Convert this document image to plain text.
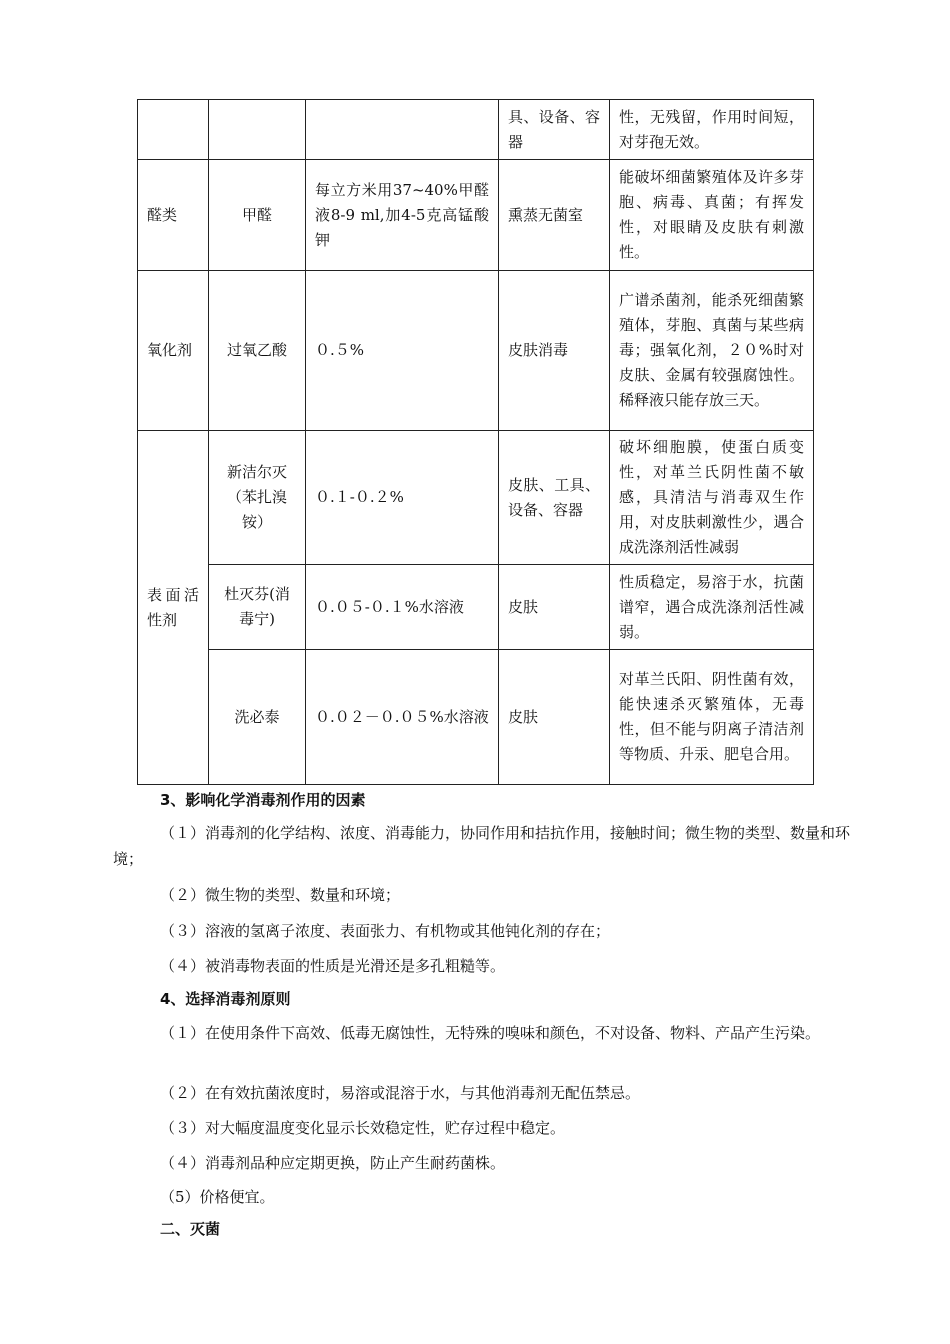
			具、设备、容器	性，无残留，作用时间短，对芽孢无效。
醛类	甲醛	每立方米用37~40%甲醛液8-9 ml,加4-5克高锰酸钾	熏蒸无菌室	能破坏细菌繁殖体及许多芽胞、病毒、真菌；有挥发性，对眼睛及皮肤有刺激性。
氧化剂	过氧乙酸	０.５%	皮肤消毒	广谱杀菌剂，能杀死细菌繁殖体，芽胞、真菌与某些病毒；强氧化剂，２０%时对皮肤、金属有较强腐蚀性。稀释液只能存放三天。
表面活性剂	新洁尔灭（苯扎溴铵）	０.１-０.２%	皮肤、工具、设备、容器	破坏细胞膜，使蛋白质变性，对革兰氏阴性菌不敏感，具清洁与消毒双生作用，对皮肤刺激性少，遇合成洗涤剂活性减弱
	杜灭芬(消毒宁)	０.０５-０.１%水溶液	皮肤	性质稳定，易溶于水，抗菌谱窄，遇合成洗涤剂活性减弱。
	洗必泰	０.０２－０.０５%水溶液	皮肤	对革兰氏阳、阴性菌有效，能快速杀灭繁殖体，无毒性，但不能与阴离子清洁剂等物质、升汞、肥皂合用。
3、影响化学消毒剂作用的因素
（１）消毒剂的化学结构、浓度、消毒能力，协同作用和拮抗作用，接触时间；微生物的类型、数量和环境；
（２）微生物的类型、数量和环境；
（３）溶液的氢离子浓度、表面张力、有机物或其他钝化剂的存在；
（４）被消毒物表面的性质是光滑还是多孔粗糙等。
4、选择消毒剂原则
（１）在使用条件下高效、低毒无腐蚀性，无特殊的嗅味和颜色，不对设备、物料、产品产生污染。
（２）在有效抗菌浓度时，易溶或混溶于水，与其他消毒剂无配伍禁忌。
（３）对大幅度温度变化显示长效稳定性，贮存过程中稳定。
（４）消毒剂品种应定期更换，防止产生耐药菌株。
（5）价格便宜。
二、灭菌
